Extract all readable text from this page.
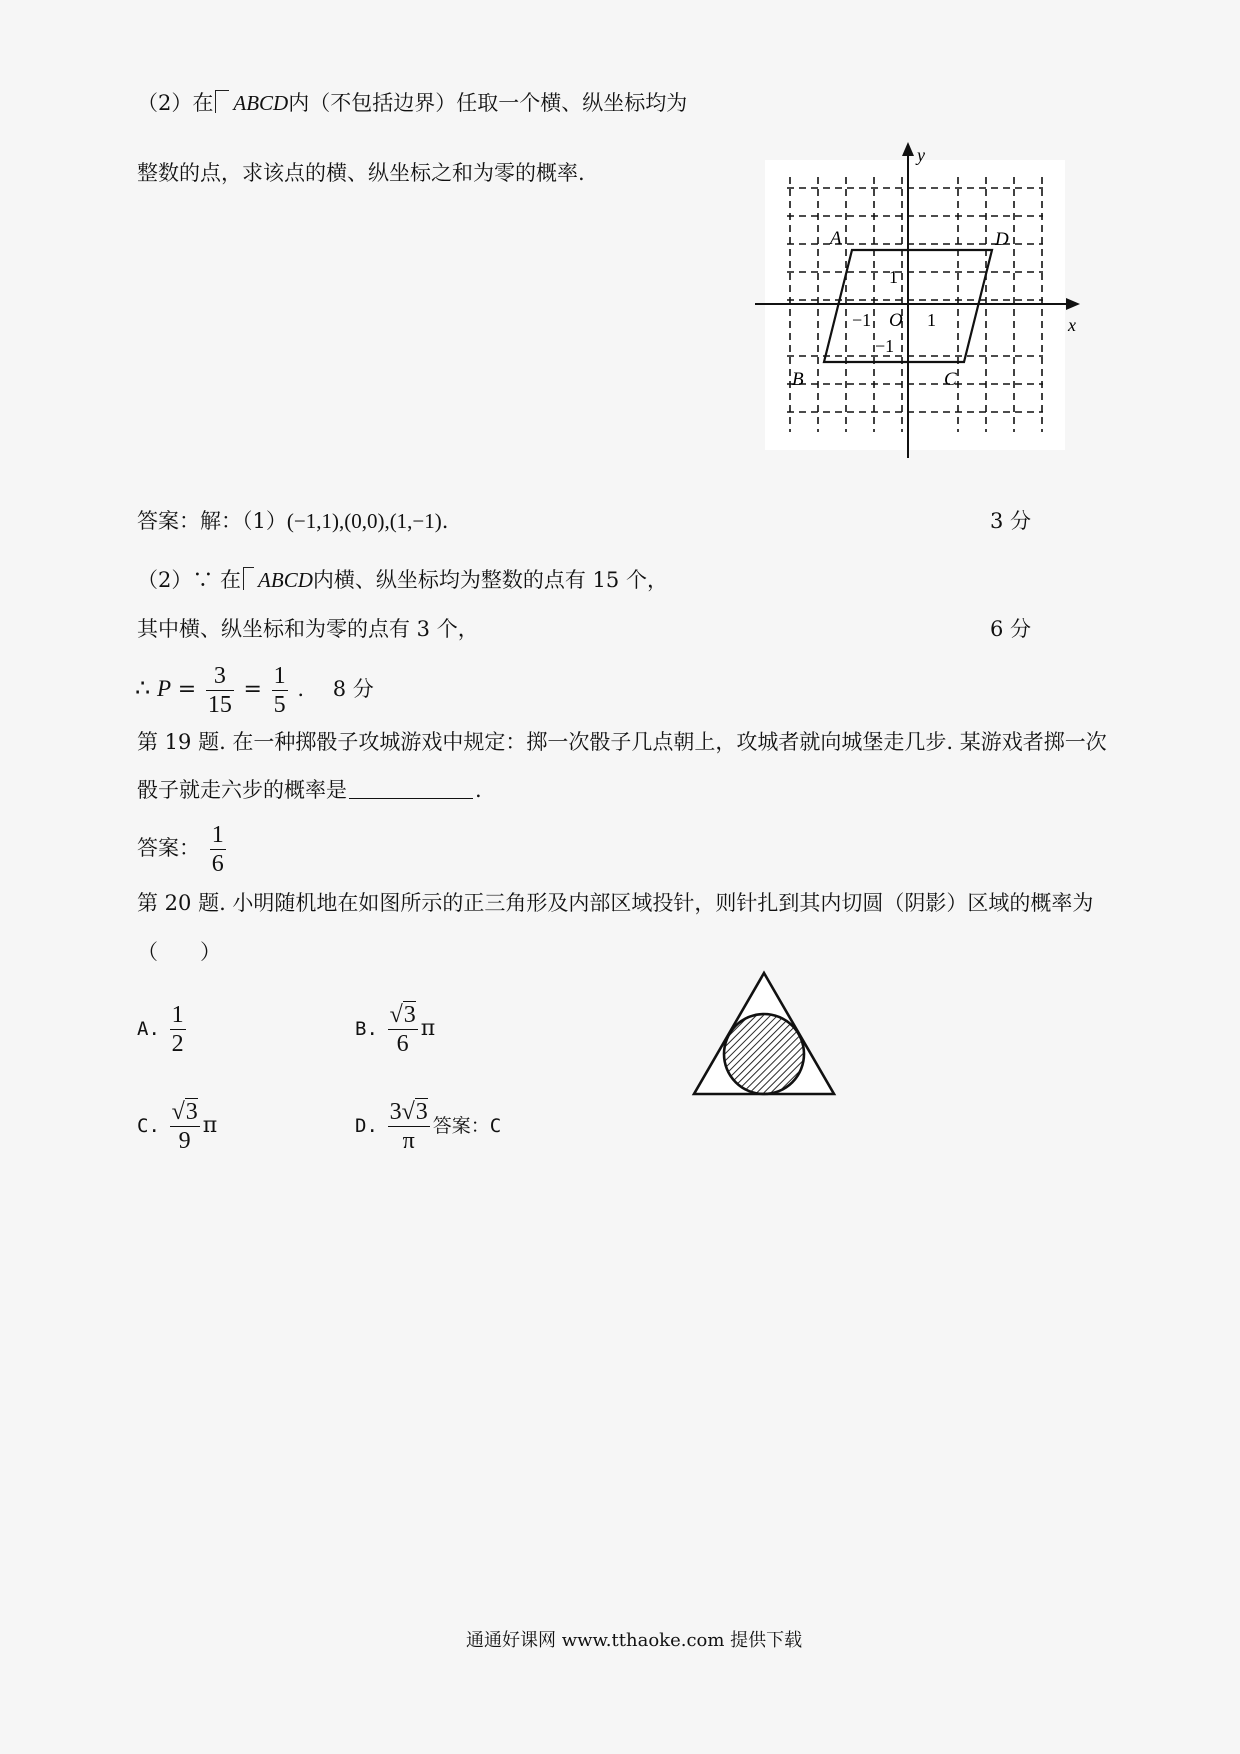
（2）在 ABCD内（不包括边界）任取一个横、纵坐标均为
整数的点，求该点的横、纵坐标之和为零的概率.
y
x
O 1
−1
1
−1
A	D
B	C
答案：解：（1）(−1,1),(0,0),(1,−1).	3 分
（2）∵ 在 ABCD内横、纵坐标均为整数的点有 15 个，
其中横、纵坐标和为零的点有 3 个，	6 分
∴ $P = \frac{3}{15} = \frac{1}{5}$ . 8 分
第 19 题. 在一种掷骰子攻城游戏中规定：掷一次骰子几点朝上，攻城者就向城堡走几步. 某游戏者掷一次
骰子就走六步的概率是	.
答案： $\frac{1}{6}$
第 20 题. 小明随机地在如图所示的正三角形及内部区域投针，则针扎到其内切圆（阴影）区域的概率为
（　　）
A. $\frac{1}{2}$	B. $\frac{√3}{6}$ π
C. $\frac{√3}{9}$ π	D. $\frac{3√3}{\pi}$ 答案：C
通通好课网 www.tthaoke.com 提供下载
